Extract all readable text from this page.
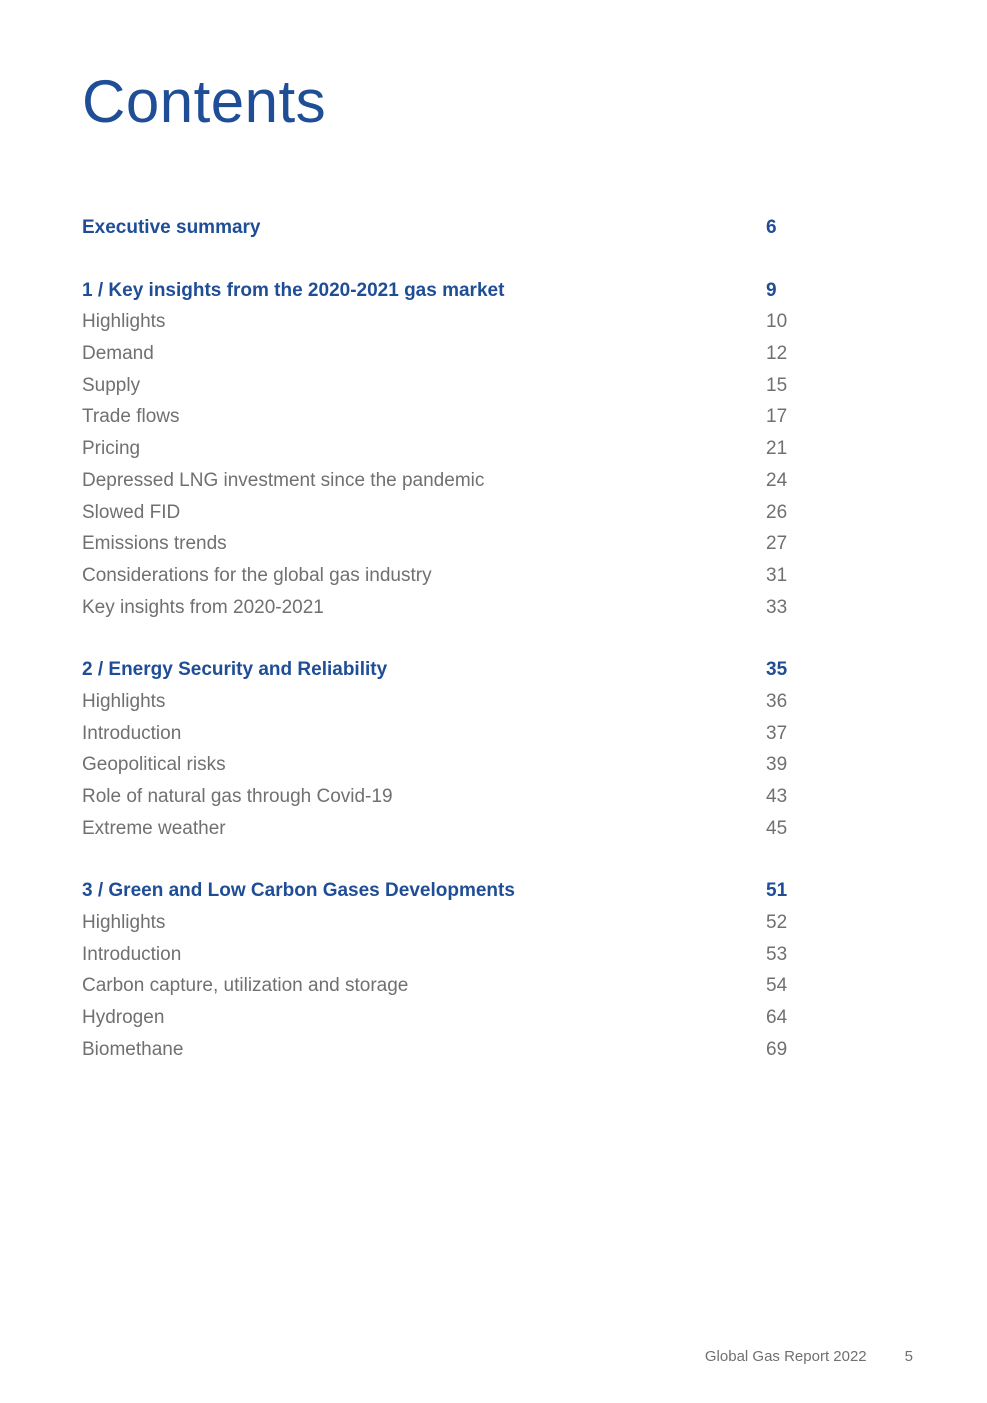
Contents
Executive summary	6
1 / Key insights from the 2020-2021 gas market	9
Highlights	10
Demand	12
Supply	15
Trade flows	17
Pricing	21
Depressed LNG investment since the pandemic	24
Slowed FID	26
Emissions trends	27
Considerations for the global gas industry	31
Key insights from 2020-2021	33
2 / Energy Security and Reliability	35
Highlights	36
Introduction	37
Geopolitical risks	39
Role of natural gas through Covid-19	43
Extreme weather	45
3 / Green and Low Carbon Gases Developments	51
Highlights	52
Introduction	53
Carbon capture, utilization and storage	54
Hydrogen	64
Biomethane	69
Global Gas Report 2022	5
